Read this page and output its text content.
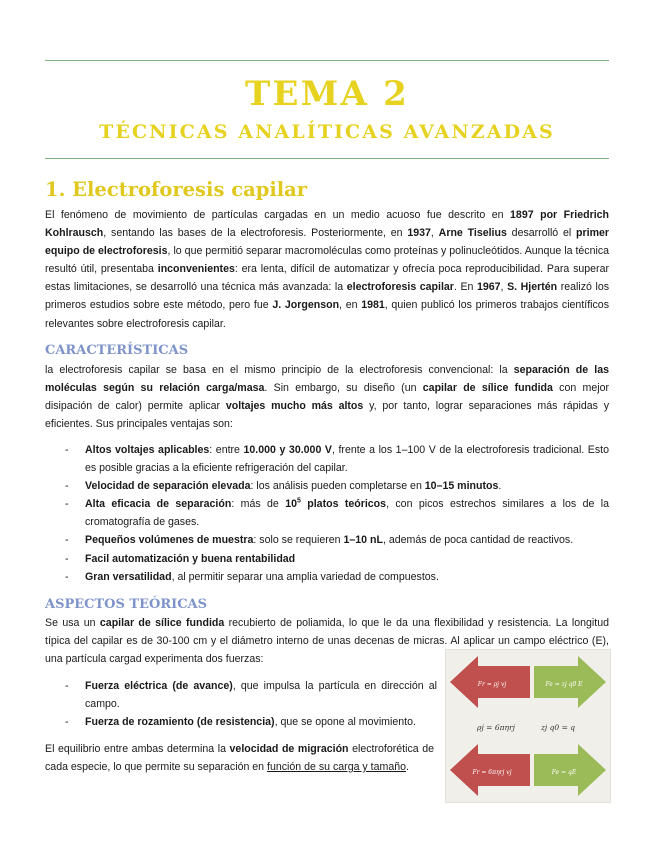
TEMA 2
TÉCNICAS ANALÍTICAS AVANZADAS
1. Electroforesis capilar

El fenómeno de movimiento de partículas cargadas en un medio acuoso fue descrito en 1897 por Friedrich Kohlrausch, sentando las bases de la electroforesis. Posteriormente, en 1937, Arne Tiselius desarrolló el primer equipo de electroforesis, lo que permitió separar macromoléculas como proteínas y polinucleótidos. Aunque la técnica resultó útil, presentaba inconvenientes: era lenta, difícil de automatizar y ofrecía poca reproducibilidad. Para superar estas limitaciones, se desarrolló una técnica más avanzada: la electroforesis capilar. En 1967, S. Hjertén realizó los primeros estudios sobre este método, pero fue J. Jorgenson, en 1981, quien publicó los primeros trabajos científicos relevantes sobre electroforesis capilar.

CARACTERÍSTICAS

la electroforesis capilar se basa en el mismo principio de la electroforesis convencional: la separación de las moléculas según su relación carga/masa. Sin embargo, su diseño (un capilar de sílice fundida con mejor disipación de calor) permite aplicar voltajes mucho más altos y, por tanto, lograr separaciones más rápidas y eficientes. Sus principales ventajas son:

- Altos voltajes aplicables: entre 10.000 y 30.000 V, frente a los 1–100 V de la electroforesis tradicional. Esto es posible gracias a la eficiente refrigeración del capilar.
- Velocidad de separación elevada: los análisis pueden completarse en 10–15 minutos.
- Alta eficacia de separación: más de $10^5$ platos teóricos, con picos estrechos similares a los de la cromatografía de gases.
- Pequeños volúmenes de muestra: solo se requieren 1–10 nL, además de poca cantidad de reactivos.
- Facil automatización y buena rentabilidad
- Gran versatilidad, al permitir separar una amplia variedad de compuestos.
ASPECTOS TEÓRICAS

Se usa un capilar de sílice fundida recubierto de poliamida, lo que le da una flexibilidad y resistencia. La longitud típica del capilar es de 30-100 cm y el diámetro interno de unas decenas de micras. Al aplicar un campo eléctrico (E), una partícula cargad experimenta dos fuerzas:

- Fuerza eléctrica (de avance), que impulsa la partícula en dirección al campo.
- Fuerza de rozamiento (de resistencia), que se opone al movimiento.

El equilibrio entre ambas determina la velocidad de migración electroforética de cada especie, lo que permite su separación en función de su carga y tamaño.

Fr = ρj vj	Fe = zj q0 E
ρj = 6πηrj	zj q0 = q
Fr = 6πηrj vj	Fe = qE
